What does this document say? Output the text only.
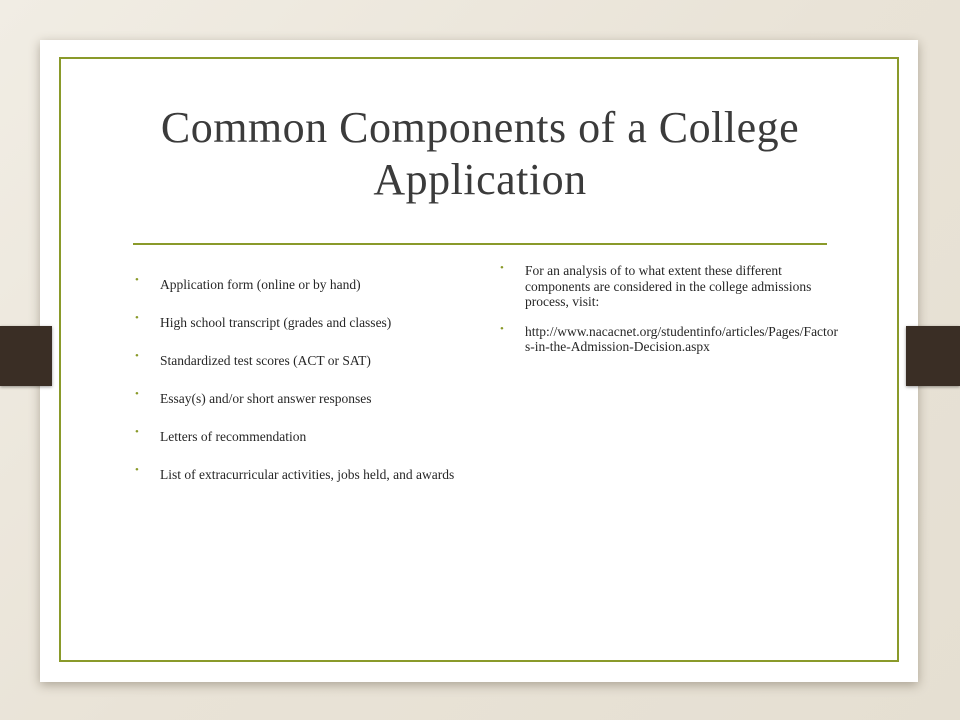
Common Components of a College Application
• Application form (online or by hand)
• High school transcript (grades and classes)
• Standardized test scores (ACT or SAT)
• Essay(s) and/or short answer responses
• Letters of recommendation
• List of extracurricular activities, jobs held, and awards
• For an analysis of to what extent these different components are considered in the college admissions process, visit:
• http://www.nacacnet.org/studentinfo/articles/Pages/Factors-in-the-Admission-Decision.aspx
